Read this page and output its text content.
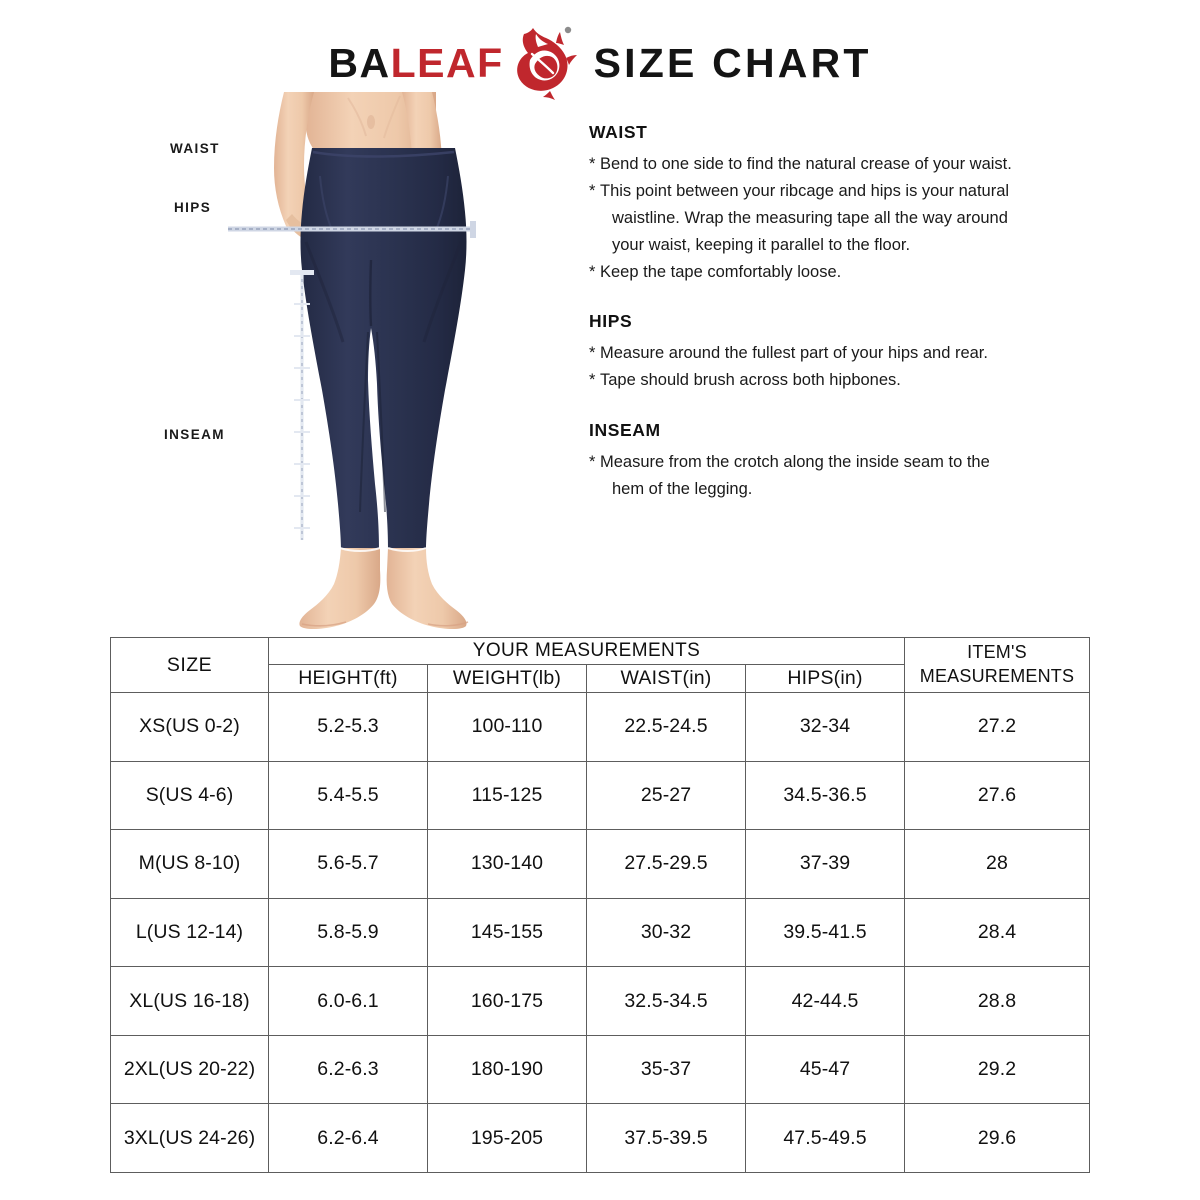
BALEAF SIZE CHART
WAIST
HIPS
INSEAM
WAIST
* Bend to one side to find the natural crease of your waist.
* This point between your ribcage and hips is your natural
waistline. Wrap the measuring tape all the way around
your waist, keeping it parallel to the floor.
* Keep the tape comfortably loose.
HIPS
* Measure around the fullest part of your hips and rear.
* Tape should brush across both hipbones.
INSEAM
* Measure from the crotch along the inside seam to the
hem of the legging.
SIZE	YOUR MEASUREMENTS				ITEM'S
MEASUREMENTS
	HEIGHT(ft)	WEIGHT(lb)	WAIST(in)	HIPS(in)	
XS(US 0-2)	5.2-5.3	100-110	22.5-24.5	32-34	27.2
S(US 4-6)	5.4-5.5	115-125	25-27	34.5-36.5	27.6
M(US 8-10)	5.6-5.7	130-140	27.5-29.5	37-39	28
L(US 12-14)	5.8-5.9	145-155	30-32	39.5-41.5	28.4
XL(US 16-18)	6.0-6.1	160-175	32.5-34.5	42-44.5	28.8
2XL(US 20-22)	6.2-6.3	180-190	35-37	45-47	29.2
3XL(US 24-26)	6.2-6.4	195-205	37.5-39.5	47.5-49.5	29.6
